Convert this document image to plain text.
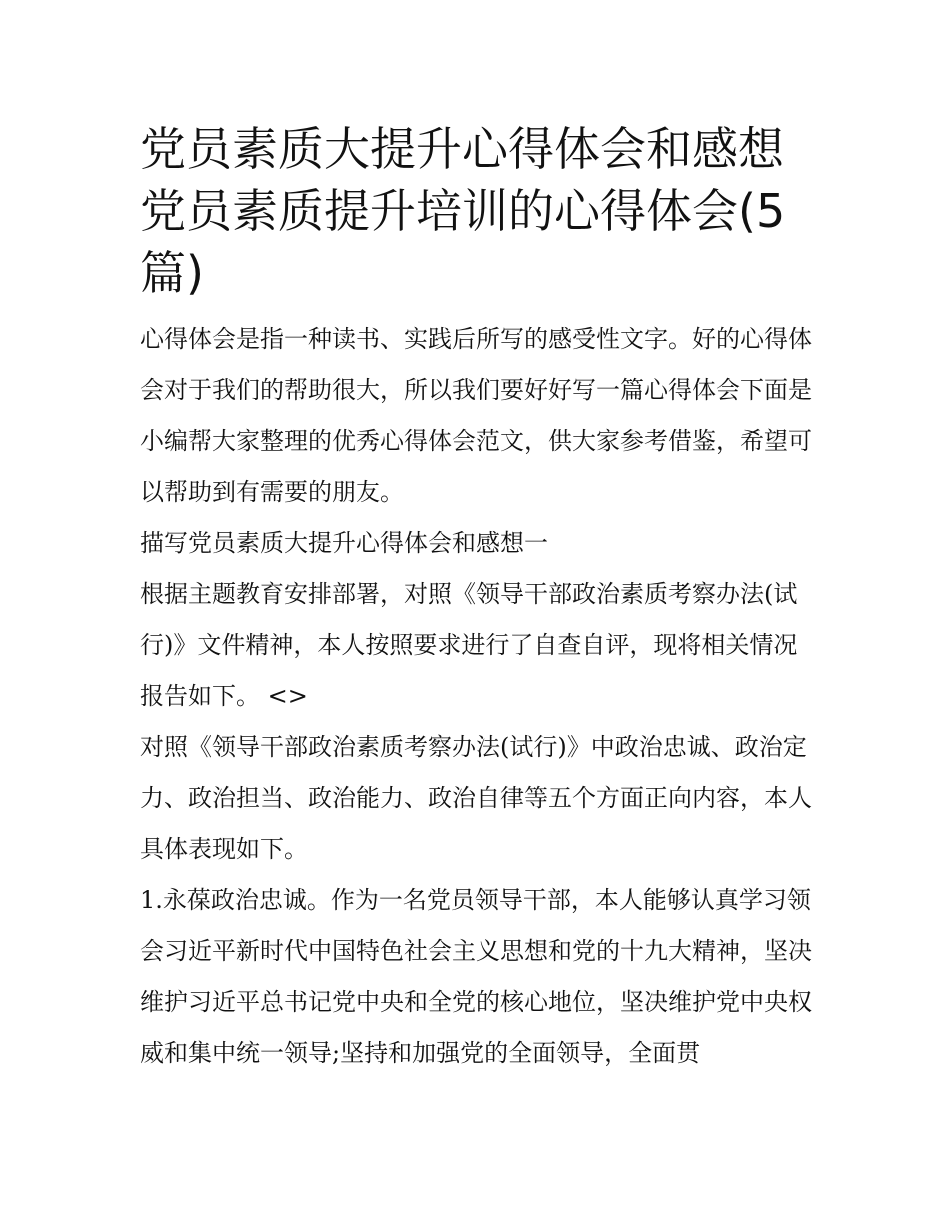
党员素质大提升心得体会和感想 党员素质提升培训的心得体会(5篇)

心得体会是指一种读书、实践后所写的感受性文字。好的心得体会对于我们的帮助很大，所以我们要好好写一篇心得体会下面是小编帮大家整理的优秀心得体会范文，供大家参考借鉴，希望可以帮助到有需要的朋友。

描写党员素质大提升心得体会和感想一

根据主题教育安排部署，对照《领导干部政治素质考察办法(试行)》文件精神，本人按照要求进行了自查自评，现将相关情况报告如下。 <>

对照《领导干部政治素质考察办法(试行)》中政治忠诚、政治定力、政治担当、政治能力、政治自律等五个方面正向内容，本人具体表现如下。

1.永葆政治忠诚。作为一名党员领导干部，本人能够认真学习领会习近平新时代中国特色社会主义思想和党的十九大精神，坚决维护习近平总书记党中央和全党的核心地位，坚决维护党中央权威和集中统一领导;坚持和加强党的全面领导，全面贯
